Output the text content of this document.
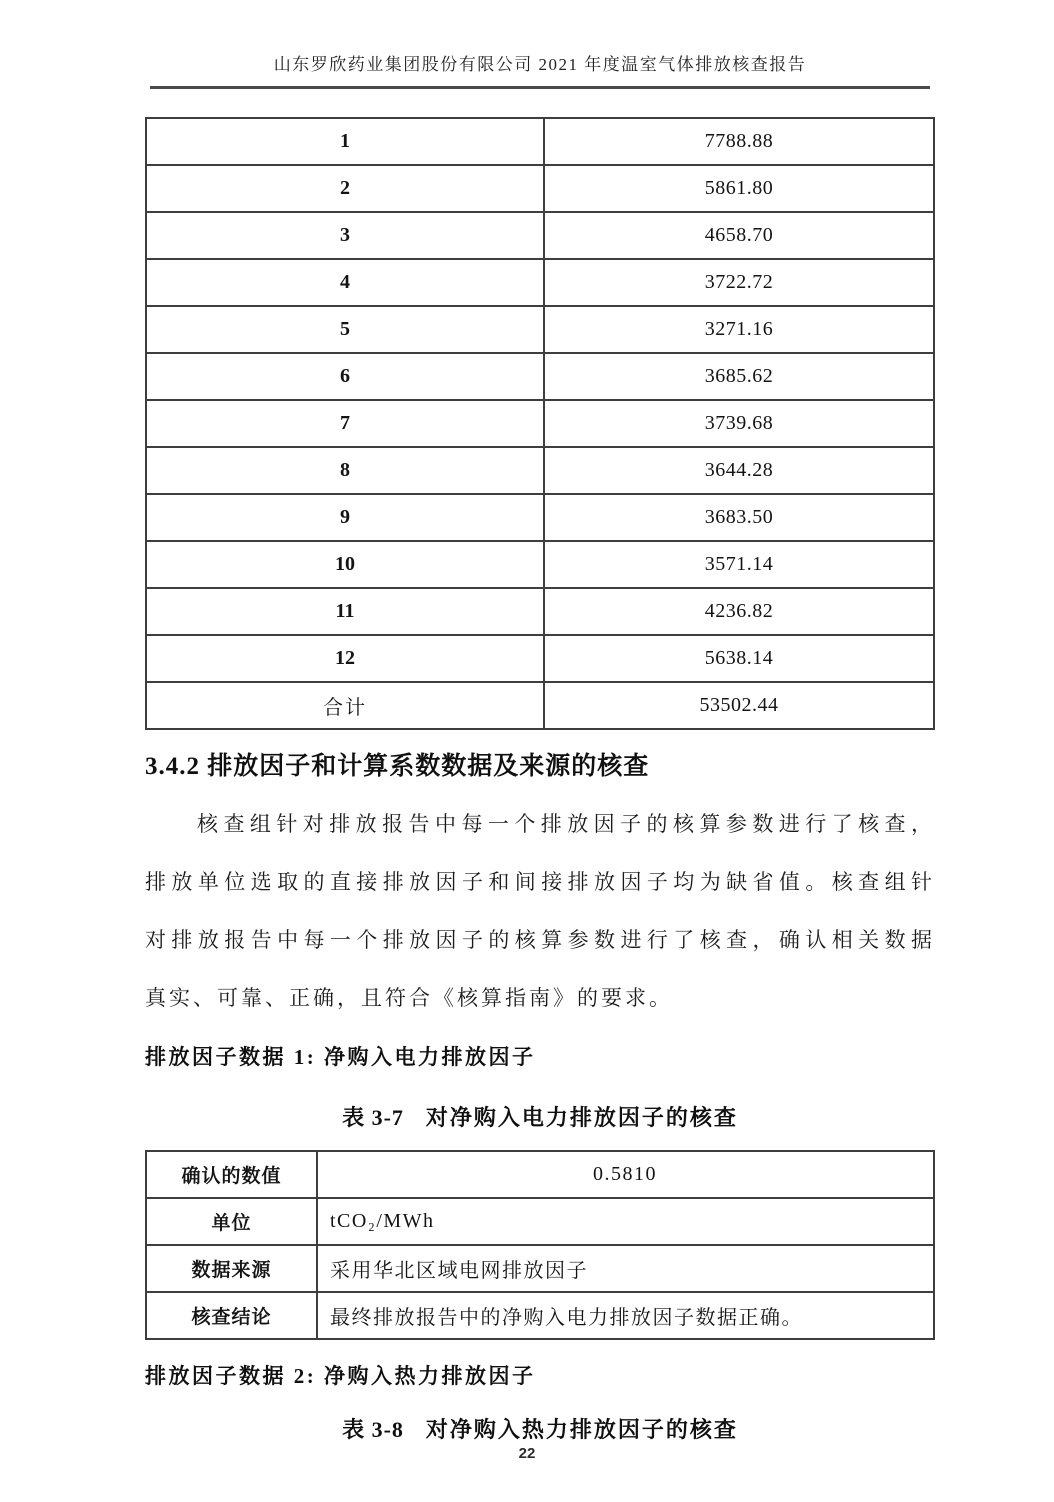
山东罗欣药业集团股份有限公司 2021 年度温室气体排放核查报告
1	7788.88
2	5861.80
3	4658.70
4	3722.72
5	3271.16
6	3685.62
7	3739.68
8	3644.28
9	3683.50
10	3571.14
11	4236.82
12	5638.14
合计	53502.44
3.4.2 排放因子和计算系数数据及来源的核查
核查组针对排放报告中每一个排放因子的核算参数进行了核查，
排放单位选取的直接排放因子和间接排放因子均为缺省值。核查组针
对排放报告中每一个排放因子的核算参数进行了核查，确认相关数据
真实、可靠、正确，且符合《核算指南》的要求。
排放因子数据 1: 净购入电力排放因子
表 3-7 对净购入电力排放因子的核查
确认的数值	0.5810
单位	tCO₂/MWh
数据来源	采用华北区域电网排放因子
核查结论	最终排放报告中的净购入电力排放因子数据正确。
排放因子数据 2: 净购入热力排放因子
表 3-8 对净购入热力排放因子的核查
22
